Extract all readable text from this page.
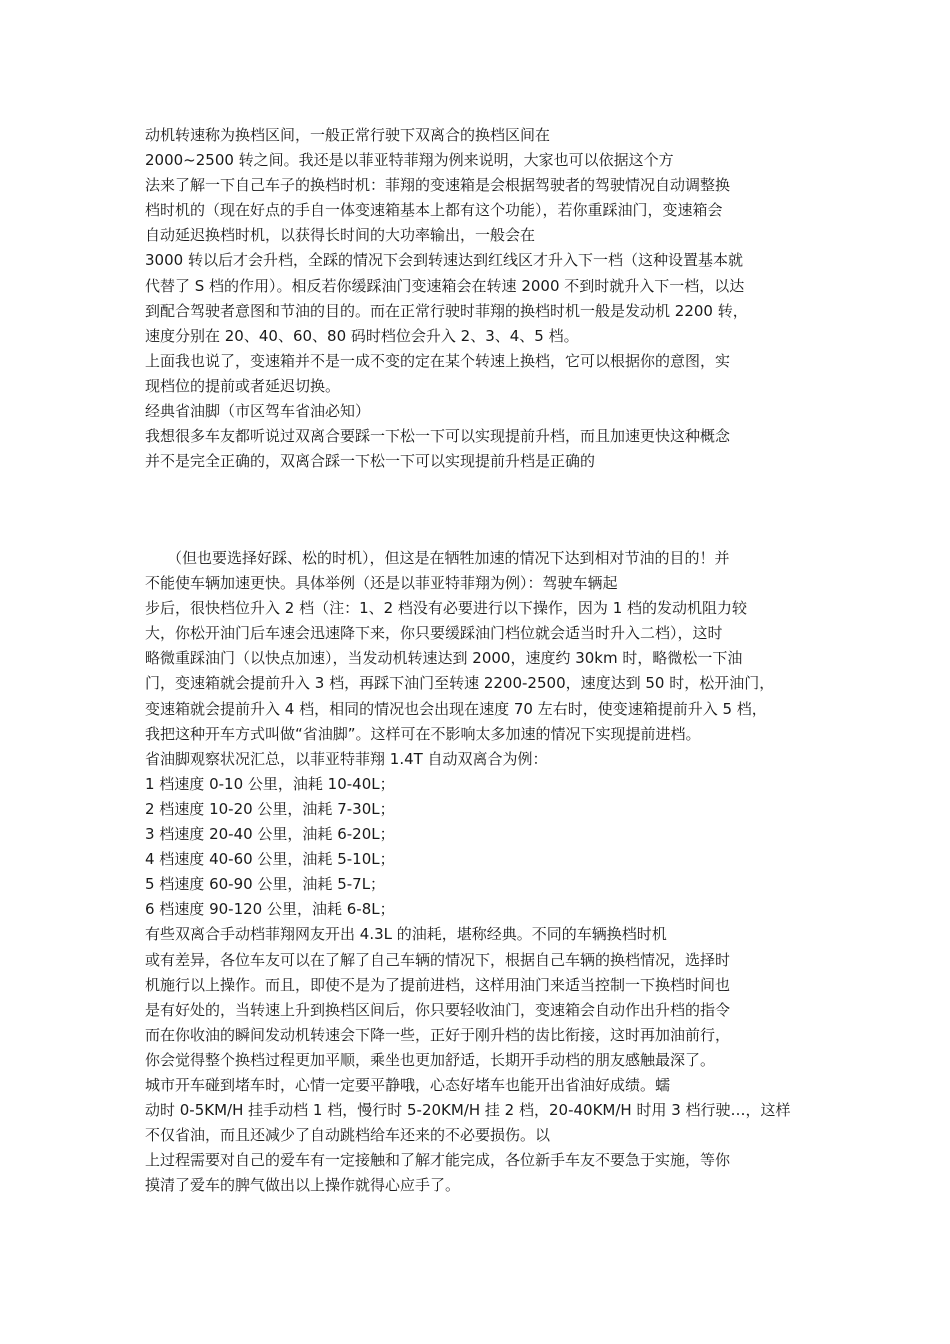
动机转速称为换档区间，一般正常行驶下双离合的换档区间在
2000~2500 转之间。我还是以菲亚特菲翔为例来说明，大家也可以依据这个方
法来了解一下自己车子的换档时机：菲翔的变速箱是会根据驾驶者的驾驶情况自动调整换
档时机的（现在好点的手自一体变速箱基本上都有这个功能），若你重踩油门，变速箱会
自动延迟换档时机，以获得长时间的大功率输出，一般会在
3000 转以后才会升档，全踩的情况下会到转速达到红线区才升入下一档（这种设置基本就
代替了 S 档的作用）。相反若你缓踩油门变速箱会在转速 2000 不到时就升入下一档，以达
到配合驾驶者意图和节油的目的。而在正常行驶时菲翔的换档时机一般是发动机 2200 转，
速度分别在 20、40、60、80 码时档位会升入 2、3、4、5 档。
上面我也说了，变速箱并不是一成不变的定在某个转速上换档，它可以根据你的意图，实
现档位的提前或者延迟切换。
经典省油脚（市区驾车省油必知）
我想很多车友都听说过双离合要踩一下松一下可以实现提前升档，而且加速更快这种概念
并不是完全正确的，双离合踩一下松一下可以实现提前升档是正确的
（但也要选择好踩、松的时机），但这是在牺牲加速的情况下达到相对节油的目的！并
不能使车辆加速更快。具体举例（还是以菲亚特菲翔为例）：驾驶车辆起
步后，很快档位升入 2 档（注：1、2 档没有必要进行以下操作，因为 1 档的发动机阻力较
大，你松开油门后车速会迅速降下来，你只要缓踩油门档位就会适当时升入二档），这时
略微重踩油门（以快点加速），当发动机转速达到 2000，速度约 30km 时，略微松一下油
门，变速箱就会提前升入 3 档，再踩下油门至转速 2200-2500，速度达到 50 时，松开油门，
变速箱就会提前升入 4 档，相同的情况也会出现在速度 70 左右时，使变速箱提前升入 5 档，
我把这种开车方式叫做“省油脚”。这样可在不影响太多加速的情况下实现提前进档。
省油脚观察状况汇总，以菲亚特菲翔 1.4T 自动双离合为例：
1 档速度 0-10 公里，油耗 10-40L；
2 档速度 10-20 公里，油耗 7-30L；
3 档速度 20-40 公里，油耗 6-20L；
4 档速度 40-60 公里，油耗 5-10L；
5 档速度 60-90 公里，油耗 5-7L；
6 档速度 90-120 公里，油耗 6-8L；
有些双离合手动档菲翔网友开出 4.3L 的油耗，堪称经典。不同的车辆换档时机
或有差异，各位车友可以在了解了自己车辆的情况下，根据自己车辆的换档情况，选择时
机施行以上操作。而且，即使不是为了提前进档，这样用油门来适当控制一下换档时间也
是有好处的，当转速上升到换档区间后，你只要轻收油门，变速箱会自动作出升档的指令
而在你收油的瞬间发动机转速会下降一些，正好于刚升档的齿比衔接，这时再加油前行，
你会觉得整个换档过程更加平顺，乘坐也更加舒适，长期开手动档的朋友感触最深了。
城市开车碰到堵车时，心情一定要平静哦，心态好堵车也能开出省油好成绩。蠕
动时 0-5KM/H 挂手动档 1 档，慢行时 5-20KM/H 挂 2 档，20-40KM/H 时用 3 档行驶…，这样
不仅省油，而且还减少了自动跳档给车还来的不必要损伤。以
上过程需要对自己的爱车有一定接触和了解才能完成，各位新手车友不要急于实施，等你
摸清了爱车的脾气做出以上操作就得心应手了。
